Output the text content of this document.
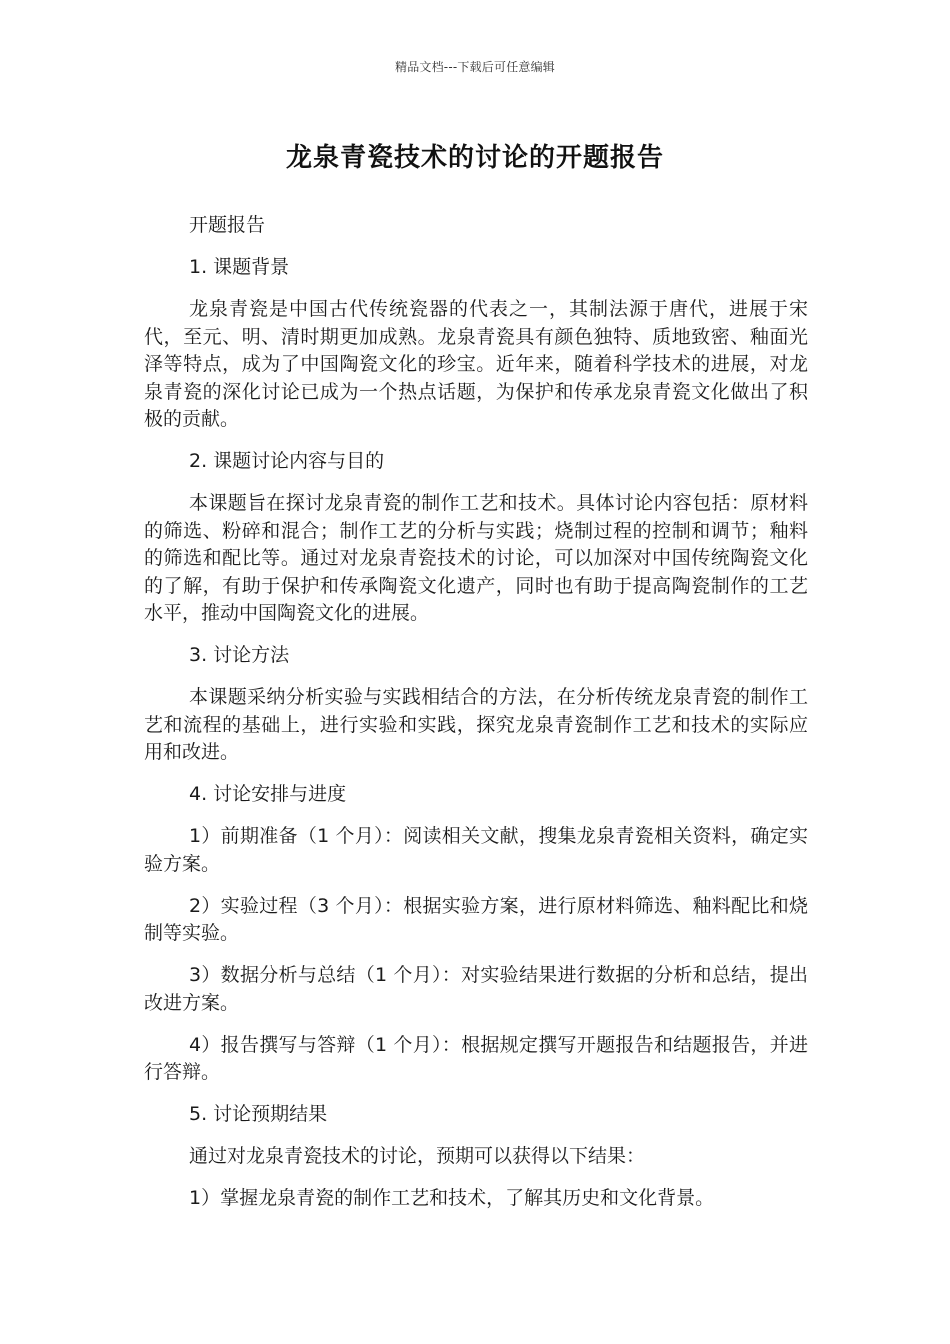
精品文档---下载后可任意编辑
龙泉青瓷技术的讨论的开题报告

开题报告

1. 课题背景

龙泉青瓷是中国古代传统瓷器的代表之一，其制法源于唐代，进展于宋代，至元、明、清时期更加成熟。龙泉青瓷具有颜色独特、质地致密、釉面光泽等特点，成为了中国陶瓷文化的珍宝。近年来，随着科学技术的进展，对龙泉青瓷的深化讨论已成为一个热点话题，为保护和传承龙泉青瓷文化做出了积极的贡献。

2. 课题讨论内容与目的

本课题旨在探讨龙泉青瓷的制作工艺和技术。具体讨论内容包括：原材料的筛选、粉碎和混合；制作工艺的分析与实践；烧制过程的控制和调节；釉料的筛选和配比等。通过对龙泉青瓷技术的讨论，可以加深对中国传统陶瓷文化的了解，有助于保护和传承陶瓷文化遗产，同时也有助于提高陶瓷制作的工艺水平，推动中国陶瓷文化的进展。

3. 讨论方法

本课题采纳分析实验与实践相结合的方法，在分析传统龙泉青瓷的制作工艺和流程的基础上，进行实验和实践，探究龙泉青瓷制作工艺和技术的实际应用和改进。

4. 讨论安排与进度

1）前期准备（1 个月）：阅读相关文献，搜集龙泉青瓷相关资料，确定实验方案。

2）实验过程（3 个月）：根据实验方案，进行原材料筛选、釉料配比和烧制等实验。

3）数据分析与总结（1 个月）：对实验结果进行数据的分析和总结，提出改进方案。

4）报告撰写与答辩（1 个月）：根据规定撰写开题报告和结题报告，并进行答辩。

5. 讨论预期结果

通过对龙泉青瓷技术的讨论，预期可以获得以下结果：

1）掌握龙泉青瓷的制作工艺和技术，了解其历史和文化背景。
